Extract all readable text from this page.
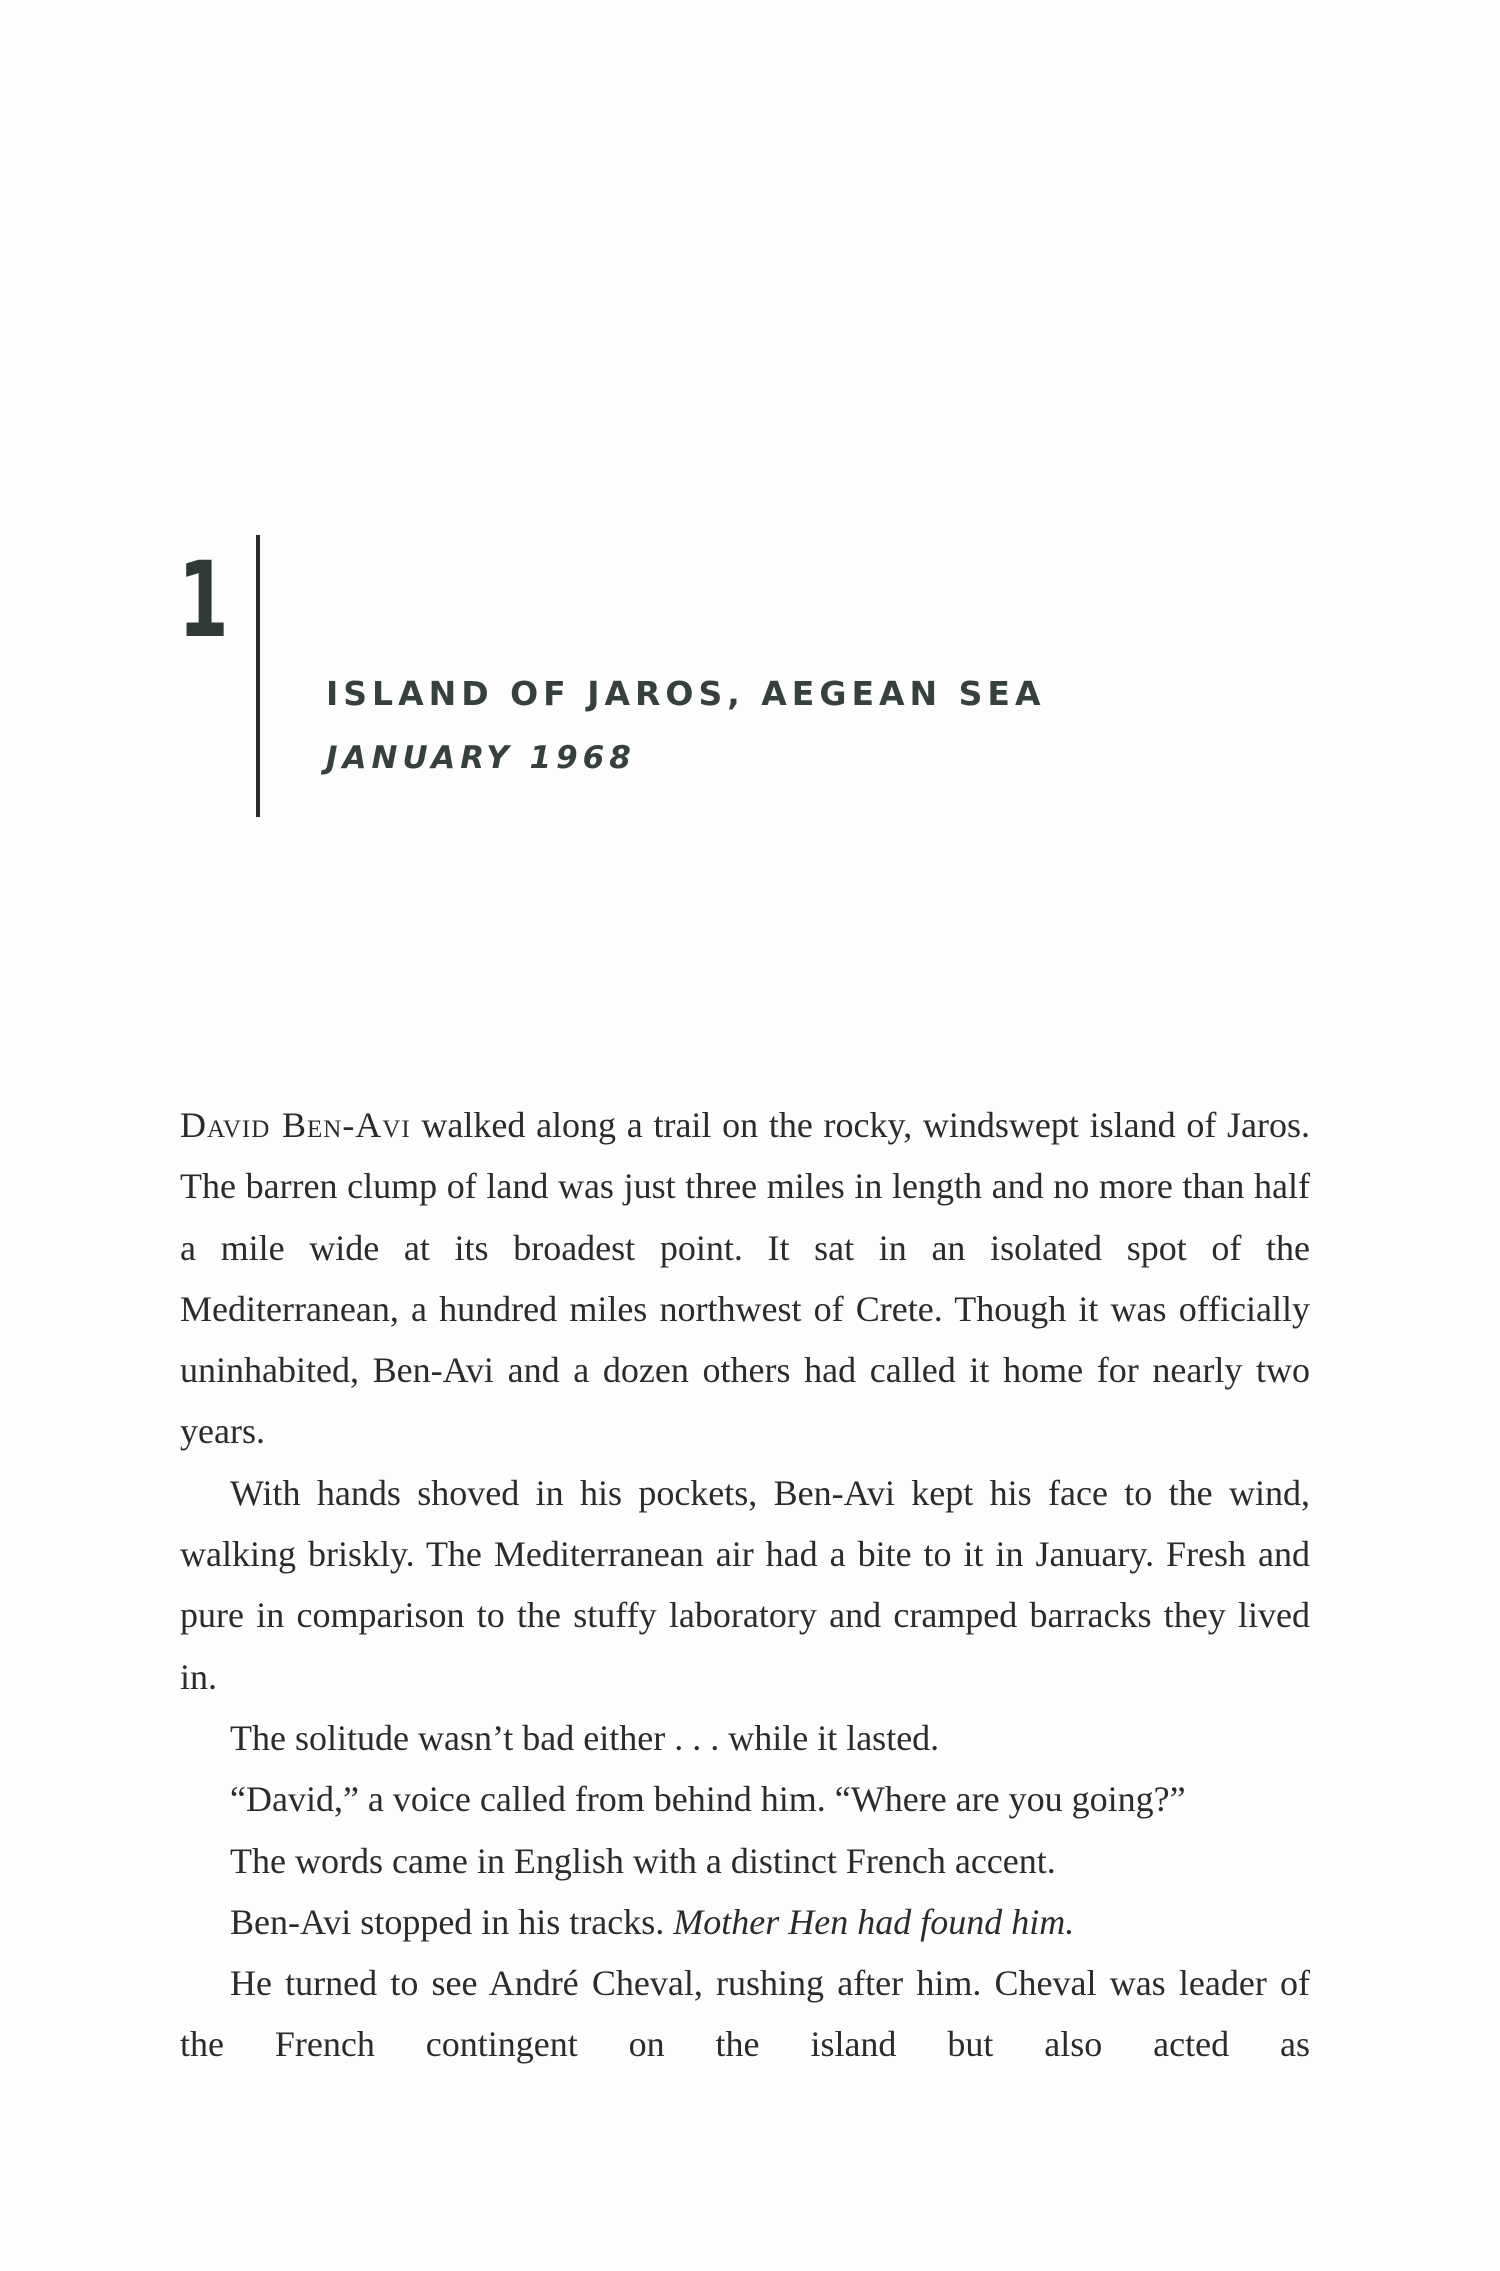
1
ISLAND OF JAROS, AEGEAN SEA
JANUARY 1968

David Ben-Avi walked along a trail on the rocky, windswept island of Jaros. The barren clump of land was just three miles in length and no more than half a mile wide at its broadest point. It sat in an isolated spot of the Mediterranean, a hundred miles northwest of Crete. Though it was officially uninhabited, Ben-Avi and a dozen others had called it home for nearly two years.

With hands shoved in his pockets, Ben-Avi kept his face to the wind, walking briskly. The Mediterranean air had a bite to it in January. Fresh and pure in comparison to the stuffy laboratory and cramped barracks they lived in.

The solitude wasn’t bad either . . . while it lasted.

“David,” a voice called from behind him. “Where are you going?”

The words came in English with a distinct French accent.

Ben-Avi stopped in his tracks. Mother Hen had found him.

He turned to see André Cheval, rushing after him. Cheval was leader of the French contingent on the island but also acted as
